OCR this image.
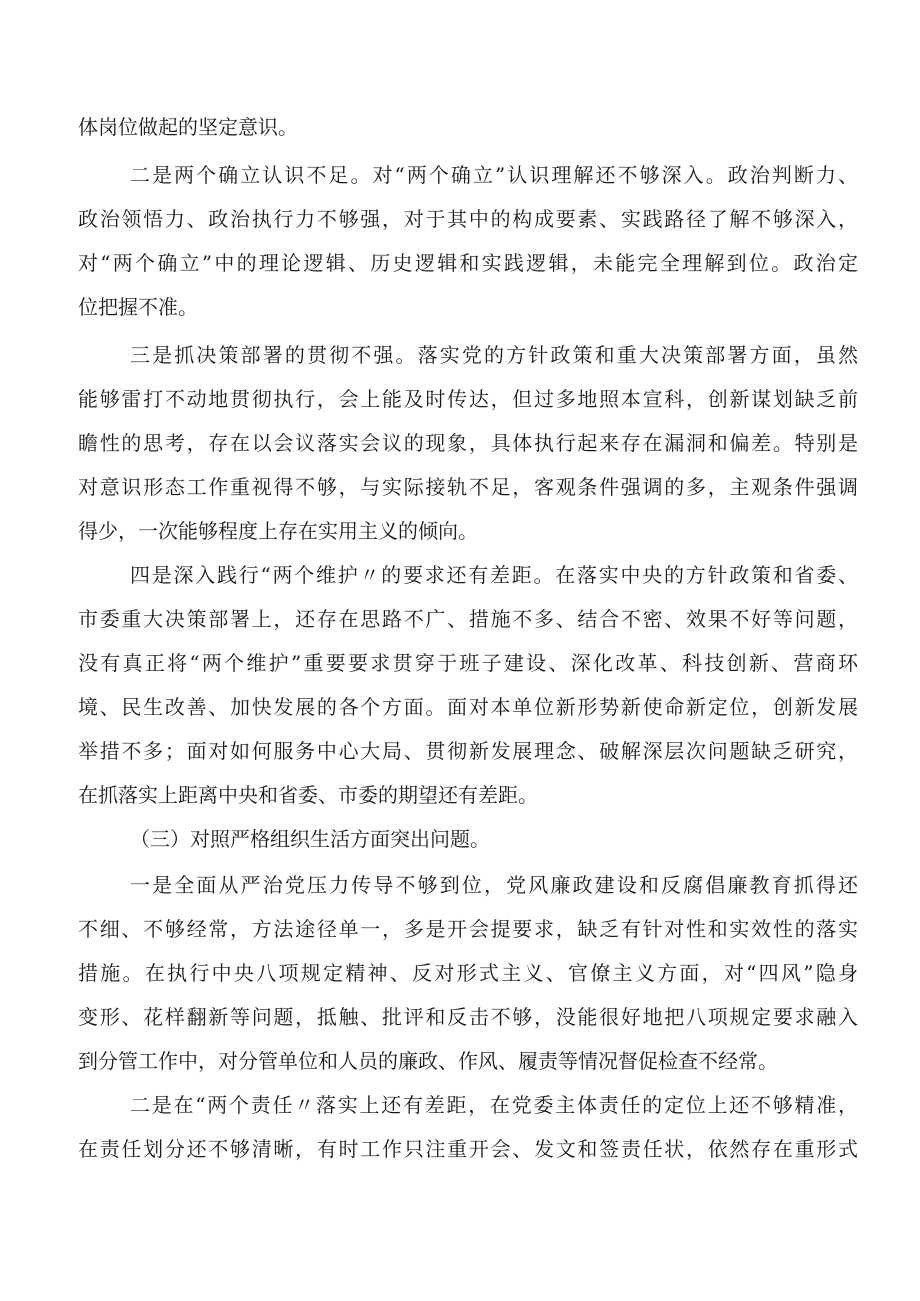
体岗位做起的坚定意识。
二是两个确立认识不足。对“两个确立”认识理解还不够深入。政治判断力、
政治领悟力、政治执行力不够强，对于其中的构成要素、实践路径了解不够深入，
对“两个确立”中的理论逻辑、历史逻辑和实践逻辑，未能完全理解到位。政治定
位把握不准。
三是抓决策部署的贯彻不强。落实党的方针政策和重大决策部署方面，虽然
能够雷打不动地贯彻执行，会上能及时传达，但过多地照本宣科，创新谋划缺乏前
瞻性的思考，存在以会议落实会议的现象，具体执行起来存在漏洞和偏差。特别是
对意识形态工作重视得不够，与实际接轨不足，客观条件强调的多，主观条件强调
得少，一次能够程度上存在实用主义的倾向。
四是深入践行“两个维护〃的要求还有差距。在落实中央的方针政策和省委、
市委重大决策部署上，还存在思路不广、措施不多、结合不密、效果不好等问题，
没有真正将“两个维护”重要要求贯穿于班子建设、深化改革、科技创新、营商环
境、民生改善、加快发展的各个方面。面对本单位新形势新使命新定位，创新发展
举措不多；面对如何服务中心大局、贯彻新发展理念、破解深层次问题缺乏研究，
在抓落实上距离中央和省委、市委的期望还有差距。
（三）对照严格组织生活方面突出问题。
一是全面从严治党压力传导不够到位，党风廉政建设和反腐倡廉教育抓得还
不细、不够经常，方法途径单一，多是开会提要求，缺乏有针对性和实效性的落实
措施。在执行中央八项规定精神、反对形式主义、官僚主义方面，对“四风”隐身
变形、花样翻新等问题，抵触、批评和反击不够，没能很好地把八项规定要求融入
到分管工作中，对分管单位和人员的廉政、作风、履责等情况督促检查不经常。
二是在“两个责任〃落实上还有差距，在党委主体责任的定位上还不够精准，
在责任划分还不够清晰，有时工作只注重开会、发文和签责任状，依然存在重形式
